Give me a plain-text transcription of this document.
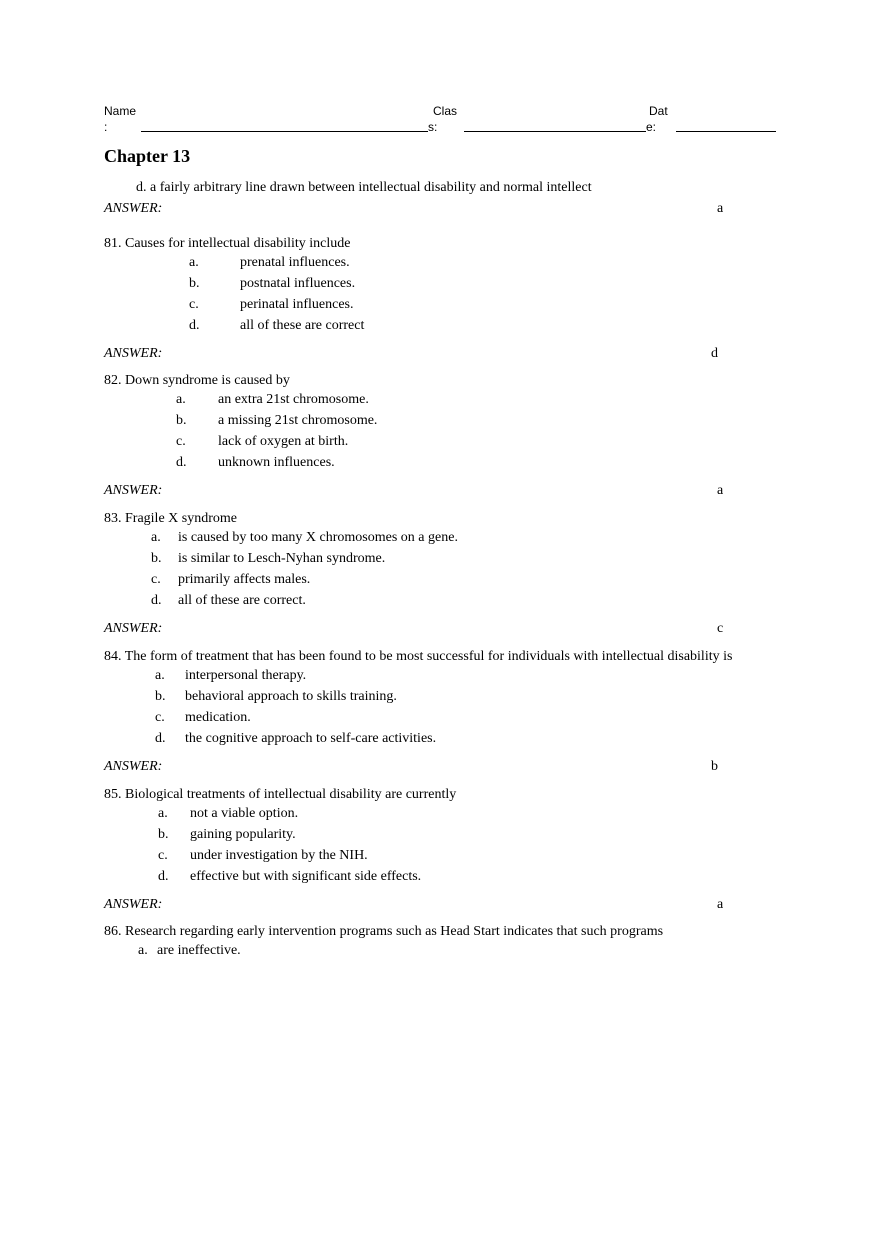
Name
:
Clas
s:
Dat
e:
Chapter 13
d. a fairly arbitrary line drawn between intellectual disability and normal intellect
ANSWER:	a
81. Causes for intellectual disability include
a.	prenatal influences.
b.	postnatal influences.
c.	perinatal influences.
d.	all of these are correct
ANSWER:	d
82. Down syndrome is caused by
a. an extra 21st chromosome.
b. a missing 21st chromosome.
c. lack of oxygen at birth.
d. unknown influences.
ANSWER:	a
83. Fragile X syndrome
a. is caused by too many X chromosomes on a gene.
b. is similar to Lesch-Nyhan syndrome.
c. primarily affects males.
d. all of these are correct.
ANSWER:	c
84. The form of treatment that has been found to be most successful for individuals with intellectual disability is
a. interpersonal therapy.
b. behavioral approach to skills training.
c. medication.
d. the cognitive approach to self-care activities.
ANSWER:	b
85. Biological treatments of intellectual disability are currently
a. not a viable option.
b. gaining popularity.
c. under investigation by the NIH.
d. effective but with significant side effects.
ANSWER:	a
86. Research regarding early intervention programs such as Head Start indicates that such programs
a. are ineffective.
